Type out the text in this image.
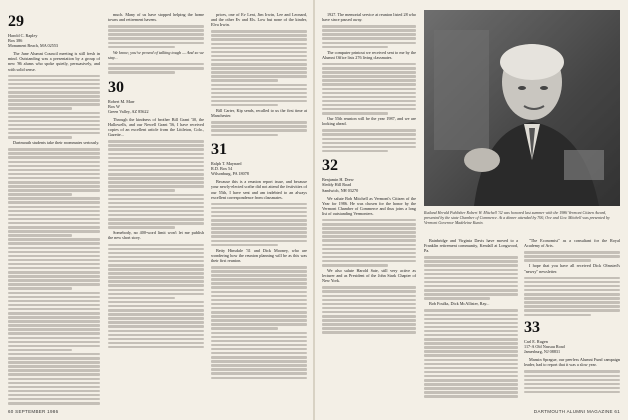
29
Harold C. Rapley
Box 386
Monument Beach, MA 02553

The June Alumni Council meeting is still fresh in mind. Outstanding was a presentation by a group of new '86 alums who spoke quietly, persuasively, and with solid sense.

Dartmouth students take their roommates seriously.

much. Many of us have stopped helping the home towns and retirement havens.

We know; you've proved of talking tough — And so we stay...

30
Robert M. Marr
Box W
Green Valley, AZ 85622

Through the kindness of brother Bill Grant '30, the Hallowells, and our Newell Grant '56, I have received copies of an excellent article from the Littleton, Colo., Gazette...

Somebody, no 400-word limit won't let me publish the new short story.

prices, one of Ev Lent, Jim Irwin, Lee and Leonard, and the other Ev and Els. Low but none of the kinder, Elva Irwin.

Bill Carter, Kip sends, recalled to us the first time at Manchester.

31
Ralph T. Maynard
R.D. Box 54
Wilsonburg, PA 18078

Because this is a reunion report issue, and because your newly-elected scribe did not attend the festivities of our 55th, I have sent and am indebted to an always excellent correspondence from classmates.

Betty Hinsdale '31 and Dick Mooney, who are wondering how the reunion planning will be as this was their first reunion.

60 SEPTEMBER 1986

1927. The memorial service at reunion listed 28 who have since passed away.

The computer printout we received sent to me by the Alumni Office lists 276 living classmates.

Our 55th reunion will be the year 1987, and we are looking ahead.

32
Benjamin H. Drew
Sleddy Hill Road
Sandwich, NH 03270

We salute Bob Mitchell as Vermont's Citizen of the Year for 1986. He was chosen for the honor by the Vermont Chamber of Commerce and thus joins a long list of outstanding Vermonters.

We also salute Harold Sate, still very active as lecturer and as President of the John Stark Chapter of New York.

Rutland Herald Publisher Robert W. Mitchell '32 was honored last summer with the 1986 Vermont Citizen Award, presented by the state Chamber of Commerce. At a dinner attended by 700, Ove and Gov. Mitchell was presented by Vermont Governor Madeleine Kunin.

Bainbridge and Virginia Davis have moved to a Franklin retirement community, Kendall at Longwood, Pa.

Bob Foulks, Dick McAllister, Ray...

"The Economist" as a consultant for the Royal Academy of Arts.

I hope that you have all received Dick Olmsted's "newsy" newsletter.

33
Carl E. Rugen
117-A Old Nassau Road
Jamesburg, NJ 08831

Mansin Sprague, our peerless Alumni Fund campaign leader, had to report that it was a slow year.

DARTMOUTH ALUMNI MAGAZINE 61
